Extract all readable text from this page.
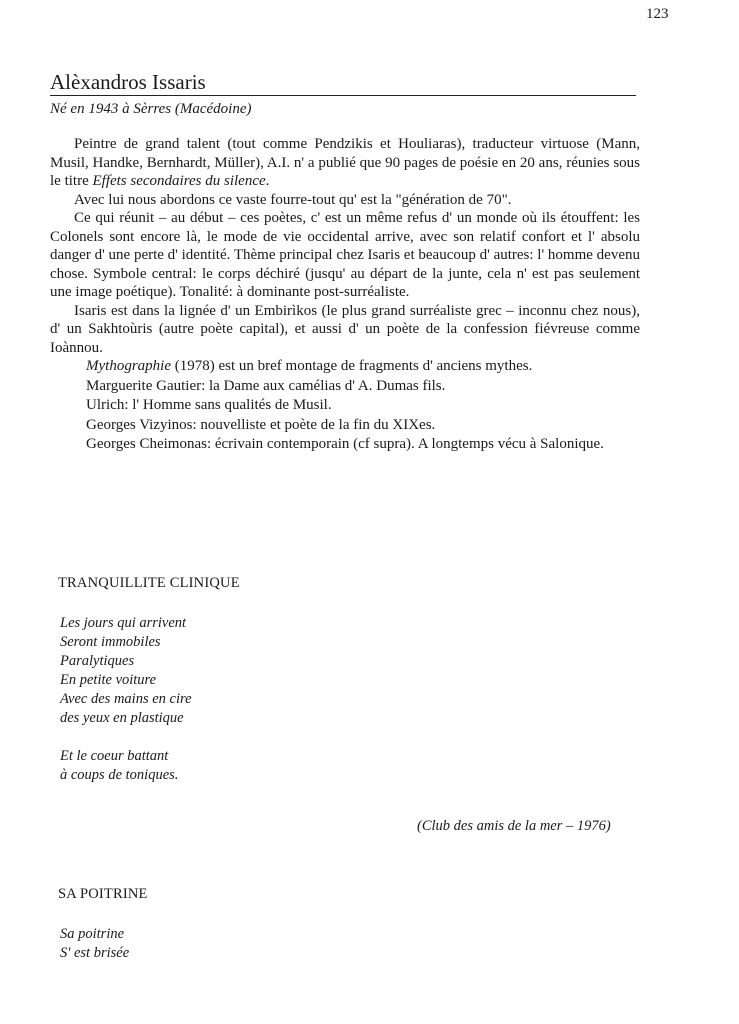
123
Alèxandros Issaris
Né en 1943 à Sèrres (Macédoine)

Peintre de grand talent (tout comme Pendzikis et Houliaras), traducteur virtuose (Mann, Musil, Handke, Bernhardt, Müller), A.I. n' a publié que 90 pages de poésie en 20 ans, réunies sous le titre Effets secondaires du silence.

Avec lui nous abordons ce vaste fourre-tout qu' est la "génération de 70".

Ce qui réunit – au début – ces poètes, c' est un même refus d' un monde où ils étouffent: les Colonels sont encore là, le mode de vie occidental arrive, avec son relatif confort et l' absolu danger d' une perte d' identité. Thème principal chez Isaris et beaucoup d' autres: l' homme devenu chose. Symbole central: le corps déchiré (jusqu' au départ de la junte, cela n' est pas seulement une image poétique). Tonalité: à dominante post-surréaliste.

Isaris est dans la lignée d' un Embirìkos (le plus grand surréaliste grec – inconnu chez nous), d' un Sakhtoùris (autre poète capital), et aussi d' un poète de la confession fiévreuse comme Ioànnou.

Mythographie (1978) est un bref montage de fragments d' anciens mythes.

Marguerite Gautier: la Dame aux camélias d' A. Dumas fils.

Ulrich: l' Homme sans qualités de Musil.

Georges Vizyinos: nouvelliste et poète de la fin du XIXes.

Georges Cheimonas: écrivain contemporain (cf supra). A longtemps vécu à Salonique.

TRANQUILLITE CLINIQUE
Les jours qui arrivent
Seront immobiles
Paralytiques
En petite voiture
Avec des mains en cire
des yeux en plastique
Et le coeur battant
à coups de toniques.
(Club des amis de la mer – 1976)
SA POITRINE
Sa poitrine
S' est brisée
